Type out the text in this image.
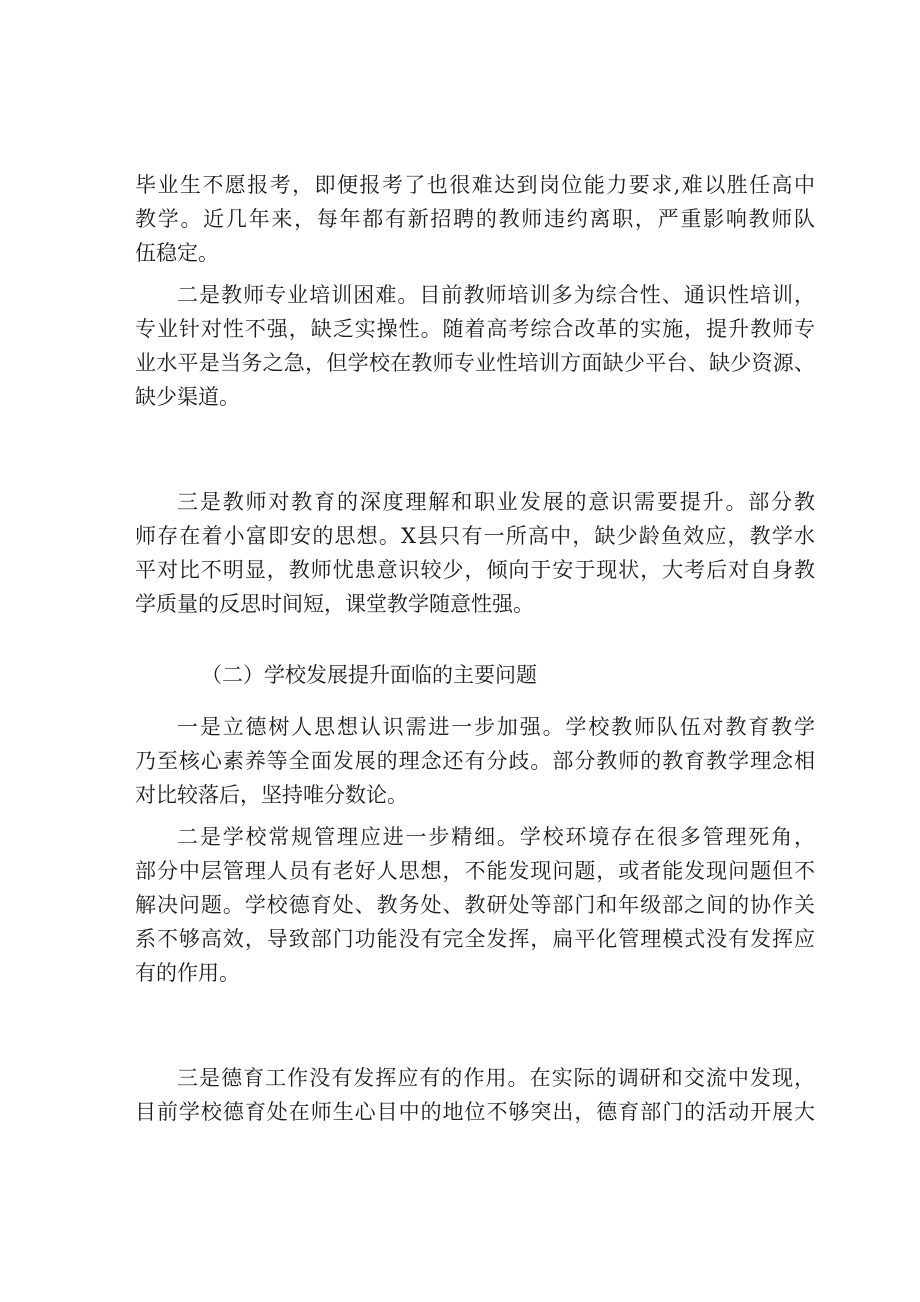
毕业生不愿报考，即便报考了也很难达到岗位能力要求,难以胜任高中
教学。近几年来，每年都有新招聘的教师违约离职，严重影响教师队
伍稳定。
二是教师专业培训困难。目前教师培训多为综合性、通识性培训，
专业针对性不强，缺乏实操性。随着高考综合改革的实施，提升教师专
业水平是当务之急，但学校在教师专业性培训方面缺少平台、缺少资源、
缺少渠道。
三是教师对教育的深度理解和职业发展的意识需要提升。部分教
师存在着小富即安的思想。X县只有一所高中，缺少龄鱼效应，教学水
平对比不明显，教师忧患意识较少，倾向于安于现状，大考后对自身教
学质量的反思时间短，课堂教学随意性强。
（二）学校发展提升面临的主要问题
一是立德树人思想认识需进一步加强。学校教师队伍对教育教学
乃至核心素养等全面发展的理念还有分歧。部分教师的教育教学理念相
对比较落后，坚持唯分数论。
二是学校常规管理应进一步精细。学校环境存在很多管理死角，
部分中层管理人员有老好人思想，不能发现问题，或者能发现问题但不
解决问题。学校德育处、教务处、教研处等部门和年级部之间的协作关
系不够高效，导致部门功能没有完全发挥，扁平化管理模式没有发挥应
有的作用。
三是德育工作没有发挥应有的作用。在实际的调研和交流中发现，
目前学校德育处在师生心目中的地位不够突出，德育部门的活动开展大
